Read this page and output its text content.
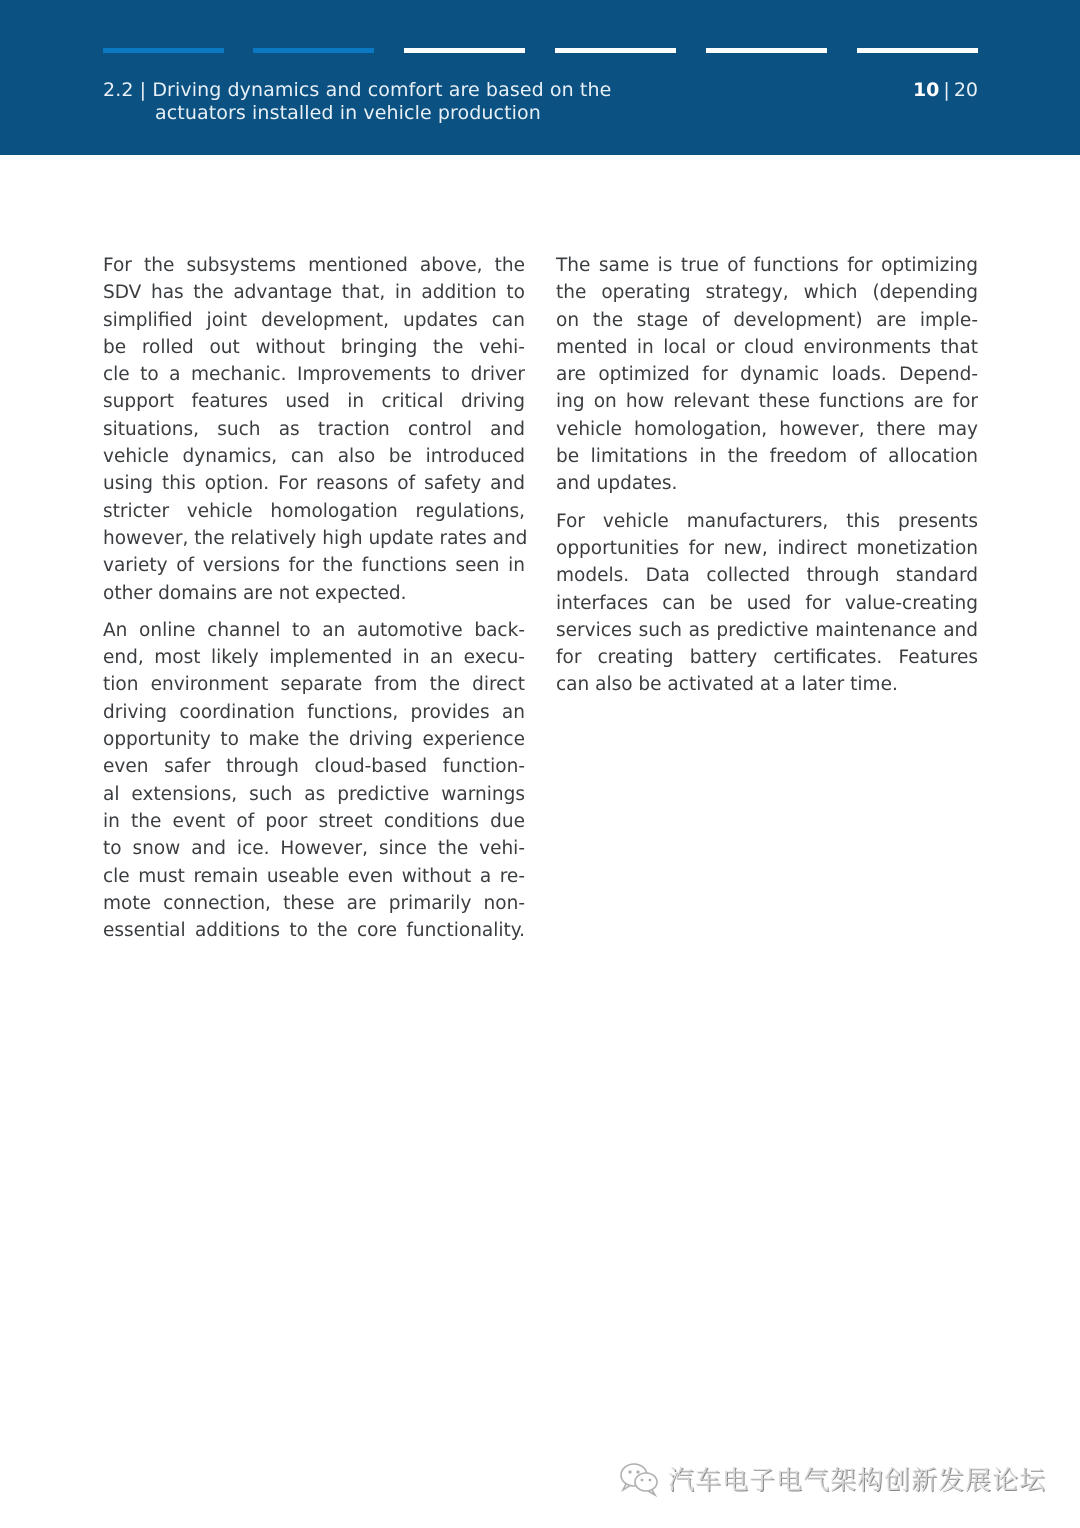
2.2 | Driving dynamics and comfort are based on the
actuators installed in vehicle production
10 | 20

For the subsystems mentioned above, the
SDV has the advantage that, in addition to
simplified joint development, updates can
be rolled out without bringing the vehi-
cle to a mechanic. Improvements to driver
support features used in critical driving
situations, such as traction control and
vehicle dynamics, can also be introduced
using this option. For reasons of safety and
stricter vehicle homologation regulations,
however, the relatively high update rates and
variety of versions for the functions seen in
other domains are not expected.

An online channel to an automotive back-
end, most likely implemented in an execu-
tion environment separate from the direct
driving coordination functions, provides an
opportunity to make the driving experience
even safer through cloud-based function-
al extensions, such as predictive warnings
in the event of poor street conditions due
to snow and ice. However, since the vehi-
cle must remain useable even without a re-
mote connection, these are primarily non-
essential additions to the core functionality.

The same is true of functions for optimizing
the operating strategy, which (depending
on the stage of development) are imple-
mented in local or cloud environments that
are optimized for dynamic loads. Depend-
ing on how relevant these functions are for
vehicle homologation, however, there may
be limitations in the freedom of allocation
and updates.

For vehicle manufacturers, this presents
opportunities for new, indirect monetization
models. Data collected through standard
interfaces can be used for value-creating
services such as predictive maintenance and
for creating battery certificates. Features
can also be activated at a later time.

汽车电子电气架构创新发展论坛
